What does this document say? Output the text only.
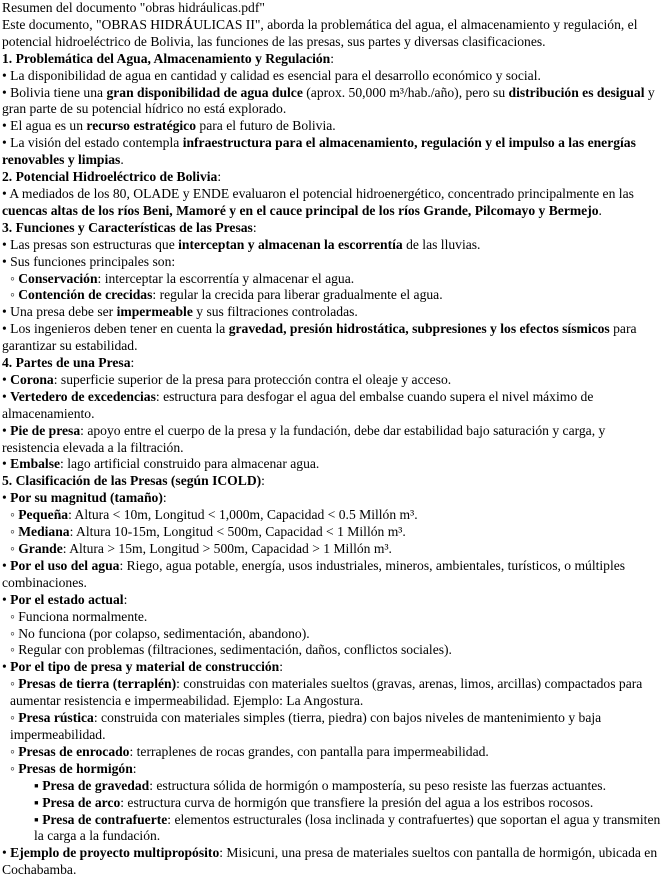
Resumen del documento "obras hidráulicas.pdf"

Este documento, "OBRAS HIDRÁULICAS II", aborda la problemática del agua, el almacenamiento y regulación, el potencial hidroeléctrico de Bolivia, las funciones de las presas, sus partes y diversas clasificaciones.

1. Problemática del Agua, Almacenamiento y Regulación:

• La disponibilidad de agua en cantidad y calidad es esencial para el desarrollo económico y social.

• Bolivia tiene una gran disponibilidad de agua dulce (aprox. 50,000 m³/hab./año), pero su distribución es desigual y gran parte de su potencial hídrico no está explorado.

• El agua es un recurso estratégico para el futuro de Bolivia.

• La visión del estado contempla infraestructura para el almacenamiento, regulación y el impulso a las energías renovables y limpias.

2. Potencial Hidroeléctrico de Bolivia:

• A mediados de los 80, OLADE y ENDE evaluaron el potencial hidroenergético, concentrado principalmente en las cuencas altas de los ríos Beni, Mamoré y en el cauce principal de los ríos Grande, Pilcomayo y Bermejo.

3. Funciones y Características de las Presas:

• Las presas son estructuras que interceptan y almacenan la escorrentía de las lluvias.

• Sus funciones principales son:

◦ Conservación: interceptar la escorrentía y almacenar el agua.

◦ Contención de crecidas: regular la crecida para liberar gradualmente el agua.

• Una presa debe ser impermeable y sus filtraciones controladas.

• Los ingenieros deben tener en cuenta la gravedad, presión hidrostática, subpresiones y los efectos sísmicos para garantizar su estabilidad.

4. Partes de una Presa:

• Corona: superficie superior de la presa para protección contra el oleaje y acceso.

• Vertedero de excedencias: estructura para desfogar el agua del embalse cuando supera el nivel máximo de almacenamiento.

• Pie de presa: apoyo entre el cuerpo de la presa y la fundación, debe dar estabilidad bajo saturación y carga, y resistencia elevada a la filtración.

• Embalse: lago artificial construido para almacenar agua.

5. Clasificación de las Presas (según ICOLD):

• Por su magnitud (tamaño):

◦ Pequeña: Altura < 10m, Longitud < 1,000m, Capacidad < 0.5 Millón m³.

◦ Mediana: Altura 10-15m, Longitud < 500m, Capacidad < 1 Millón m³.

◦ Grande: Altura > 15m, Longitud > 500m, Capacidad > 1 Millón m³.

• Por el uso del agua: Riego, agua potable, energía, usos industriales, mineros, ambientales, turísticos, o múltiples combinaciones.

• Por el estado actual:

◦ Funciona normalmente.

◦ No funciona (por colapso, sedimentación, abandono).

◦ Regular con problemas (filtraciones, sedimentación, daños, conflictos sociales).

• Por el tipo de presa y material de construcción:

◦ Presas de tierra (terraplén): construidas con materiales sueltos (gravas, arenas, limos, arcillas) compactados para aumentar resistencia e impermeabilidad. Ejemplo: La Angostura.

◦ Presa rústica: construida con materiales simples (tierra, piedra) con bajos niveles de mantenimiento y baja impermeabilidad.

◦ Presas de enrocado: terraplenes de rocas grandes, con pantalla para impermeabilidad.

◦ Presas de hormigón:

▪ Presa de gravedad: estructura sólida de hormigón o mampostería, su peso resiste las fuerzas actuantes.

▪ Presa de arco: estructura curva de hormigón que transfiere la presión del agua a los estribos rocosos.

▪ Presa de contrafuerte: elementos estructurales (losa inclinada y contrafuertes) que soportan el agua y transmiten la carga a la fundación.

• Ejemplo de proyecto multipropósito: Misicuni, una presa de materiales sueltos con pantalla de hormigón, ubicada en Cochabamba.
